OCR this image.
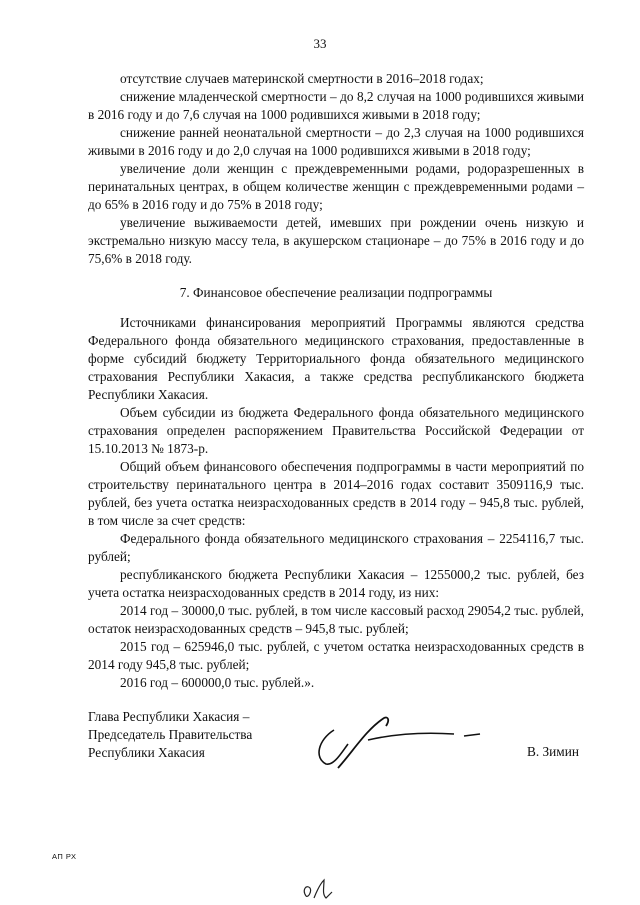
33

отсутствие случаев материнской смертности в 2016–2018 годах;

снижение младенческой смертности – до 8,2 случая на 1000 родившихся живыми в 2016 году и до 7,6 случая на 1000 родившихся живыми в 2018 году;

снижение ранней неонатальной смертности – до 2,3 случая на 1000 родившихся живыми в 2016 году и до 2,0 случая на 1000 родившихся живыми в 2018 году;

увеличение доли женщин с преждевременными родами, родоразрешенных в перинатальных центрах, в общем количестве женщин с преждевременными родами – до 65% в 2016 году и до 75% в 2018 году;

увеличение выживаемости детей, имевших при рождении очень низкую и экстремально низкую массу тела, в акушерском стационаре – до 75% в 2016 году и до 75,6% в 2018 году.

7. Финансовое обеспечение реализации подпрограммы

Источниками финансирования мероприятий Программы являются средства Федерального фонда обязательного медицинского страхования, предоставленные в форме субсидий бюджету Территориального фонда обязательного медицинского страхования Республики Хакасия, а также средства республиканского бюджета Республики Хакасия.

Объем субсидии из бюджета Федерального фонда обязательного медицинского страхования определен распоряжением Правительства Российской Федерации от 15.10.2013 № 1873-р.

Общий объем финансового обеспечения подпрограммы в части мероприятий по строительству перинатального центра в 2014–2016 годах составит 3509116,9 тыс. рублей, без учета остатка неизрасходованных средств в 2014 году – 945,8 тыс. рублей, в том числе за счет средств:

Федерального фонда обязательного медицинского страхования – 2254116,7 тыс. рублей;

республиканского бюджета Республики Хакасия – 1255000,2 тыс. рублей, без учета остатка неизрасходованных средств в 2014 году, из них:

2014 год – 30000,0 тыс. рублей, в том числе кассовый расход 29054,2 тыс. рублей, остаток неизрасходованных средств – 945,8 тыс. рублей;

2015 год – 625946,0 тыс. рублей, с учетом остатка неизрасходованных средств в 2014 году 945,8 тыс. рублей;

2016 год – 600000,0 тыс. рублей.».

Глава Республики Хакасия –
Председатель Правительства
Республики Хакасия	В. Зимин
АП РХ
